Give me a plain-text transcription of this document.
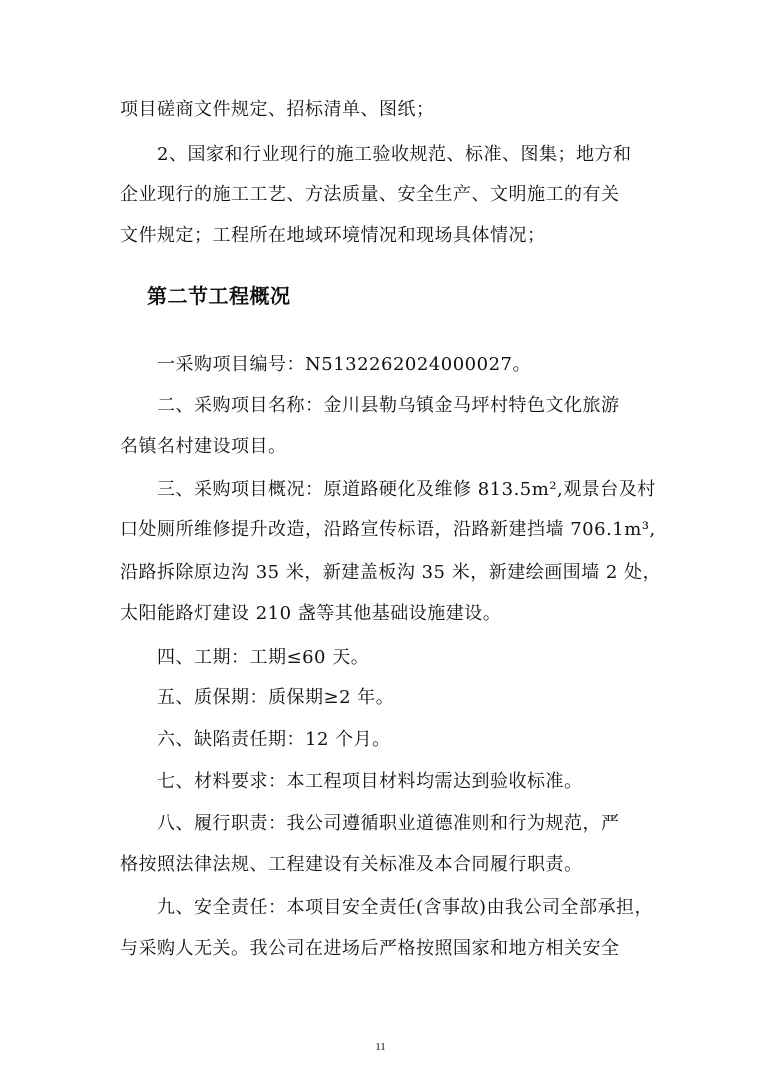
项目磋商文件规定、招标清单、图纸；
2、国家和行业现行的施工验收规范、标准、图集；地方和
企业现行的施工工艺、方法质量、安全生产、文明施工的有关
文件规定；工程所在地域环境情况和现场具体情况；
第二节工程概况
一采购项目编号：N5132262024000027。
二、采购项目名称：金川县勒乌镇金马坪村特色文化旅游
名镇名村建设项目。
三、采购项目概况：原道路硬化及维修 813.5m²,观景台及村
口处厕所维修提升改造，沿路宣传标语，沿路新建挡墙 706.1m³,
沿路拆除原边沟 35 米，新建盖板沟 35 米，新建绘画围墙 2 处，
太阳能路灯建设 210 盏等其他基础设施建设。
四、工期：工期≤60 天。
五、质保期：质保期≥2 年。
六、缺陷责任期：12 个月。
七、材料要求：本工程项目材料均需达到验收标准。
八、履行职责：我公司遵循职业道德准则和行为规范，严
格按照法律法规、工程建设有关标准及本合同履行职责。
九、安全责任：本项目安全责任(含事故)由我公司全部承担，
与采购人无关。我公司在进场后严格按照国家和地方相关安全
11
